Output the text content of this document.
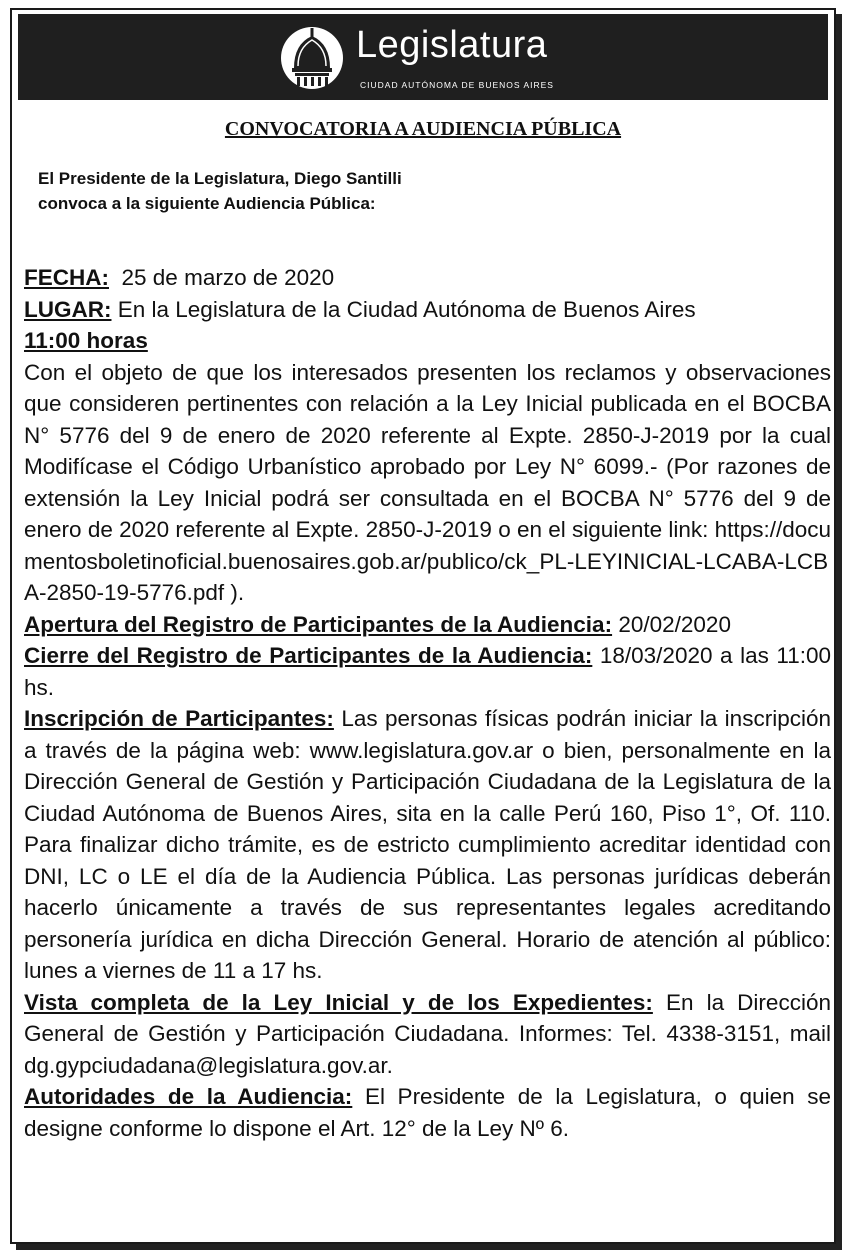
Legislatura
CIUDAD AUTÓNOMA DE BUENOS AIRES
CONVOCATORIA A AUDIENCIA PÚBLICA
El Presidente de la Legislatura, Diego Santilli
convoca a la siguiente Audiencia Pública:

FECHA: 25 de marzo de 2020

LUGAR: En la Legislatura de la Ciudad Autónoma de Buenos Aires

11:00 horas

Con el objeto de que los interesados presenten los reclamos y observaciones que consideren pertinentes con relación a la Ley Inicial publicada en el BOCBA N° 5776 del 9 de enero de 2020 referente al Expte. 2850-J-2019 por la cual Modifícase el Código Urbanístico aprobado por Ley N° 6099.- (Por razones de extensión la Ley Inicial podrá ser consultada en el BOCBA N° 5776 del 9 de enero de 2020 referente al Expte. 2850-J-2019 o en el siguiente link: https://documentosboletinoficial.buenosaires.gob.ar/publico/ck_PL-LEYINICIAL-LCABA-LCBA-2850-19-5776.pdf ).

Apertura del Registro de Participantes de la Audiencia: 20/02/2020

Cierre del Registro de Participantes de la Audiencia: 18/03/2020 a las 11:00 hs.

Inscripción de Participantes: Las personas físicas podrán iniciar la inscripción a través de la página web: www.legislatura.gov.ar o bien, personalmente en la Dirección General de Gestión y Participación Ciudadana de la Legislatura de la Ciudad Autónoma de Buenos Aires, sita en la calle Perú 160, Piso 1°, Of. 110. Para finalizar dicho trámite, es de estricto cumplimiento acreditar identidad con DNI, LC o LE el día de la Audiencia Pública. Las personas jurídicas deberán hacerlo únicamente a través de sus representantes legales acreditando personería jurídica en dicha Dirección General. Horario de atención al público: lunes a viernes de 11 a 17 hs.

Vista completa de la Ley Inicial y de los Expedientes: En la Dirección General de Gestión y Participación Ciudadana. Informes: Tel. 4338-3151, mail dg.gypciudadana@legislatura.gov.ar.

Autoridades de la Audiencia: El Presidente de la Legislatura, o quien se designe conforme lo dispone el Art. 12° de la Ley Nº 6.
